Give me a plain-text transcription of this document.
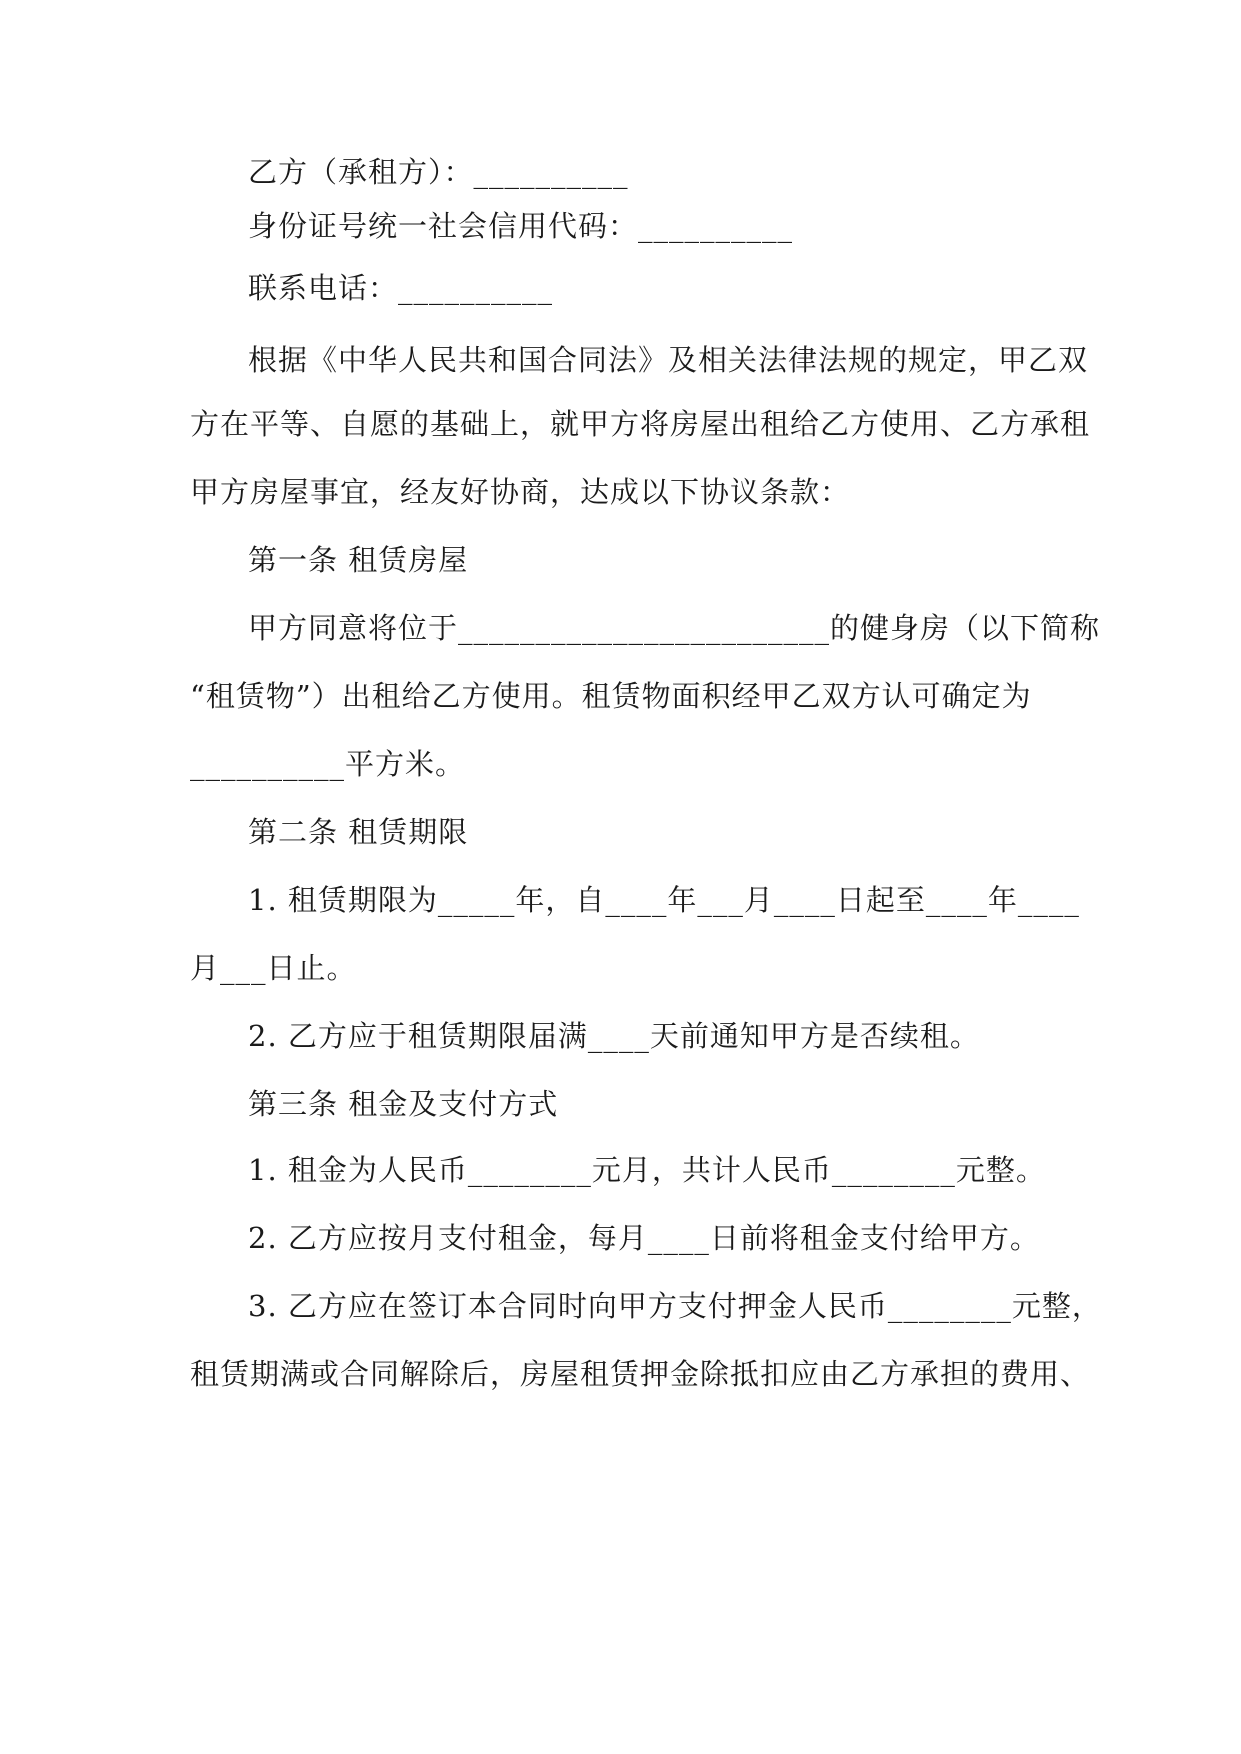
乙方（承租方）：__________
身份证号统一社会信用代码：__________
联系电话：__________
根据《中华人民共和国合同法》及相关法律法规的规定，甲乙双
方在平等、自愿的基础上，就甲方将房屋出租给乙方使用、乙方承租
甲方房屋事宜，经友好协商，达成以下协议条款：
第一条 租赁房屋
甲方同意将位于________________________的健身房（以下简称
“租赁物”）出租给乙方使用。租赁物面积经甲乙双方认可确定为
__________平方米。
第二条 租赁期限
1. 租赁期限为_____年，自____年___月____日起至____年____
月___日止。
2. 乙方应于租赁期限届满____天前通知甲方是否续租。
第三条 租金及支付方式
1. 租金为人民币________元月，共计人民币________元整。
2. 乙方应按月支付租金，每月____日前将租金支付给甲方。
3. 乙方应在签订本合同时向甲方支付押金人民币________元整，
租赁期满或合同解除后，房屋租赁押金除抵扣应由乙方承担的费用、
